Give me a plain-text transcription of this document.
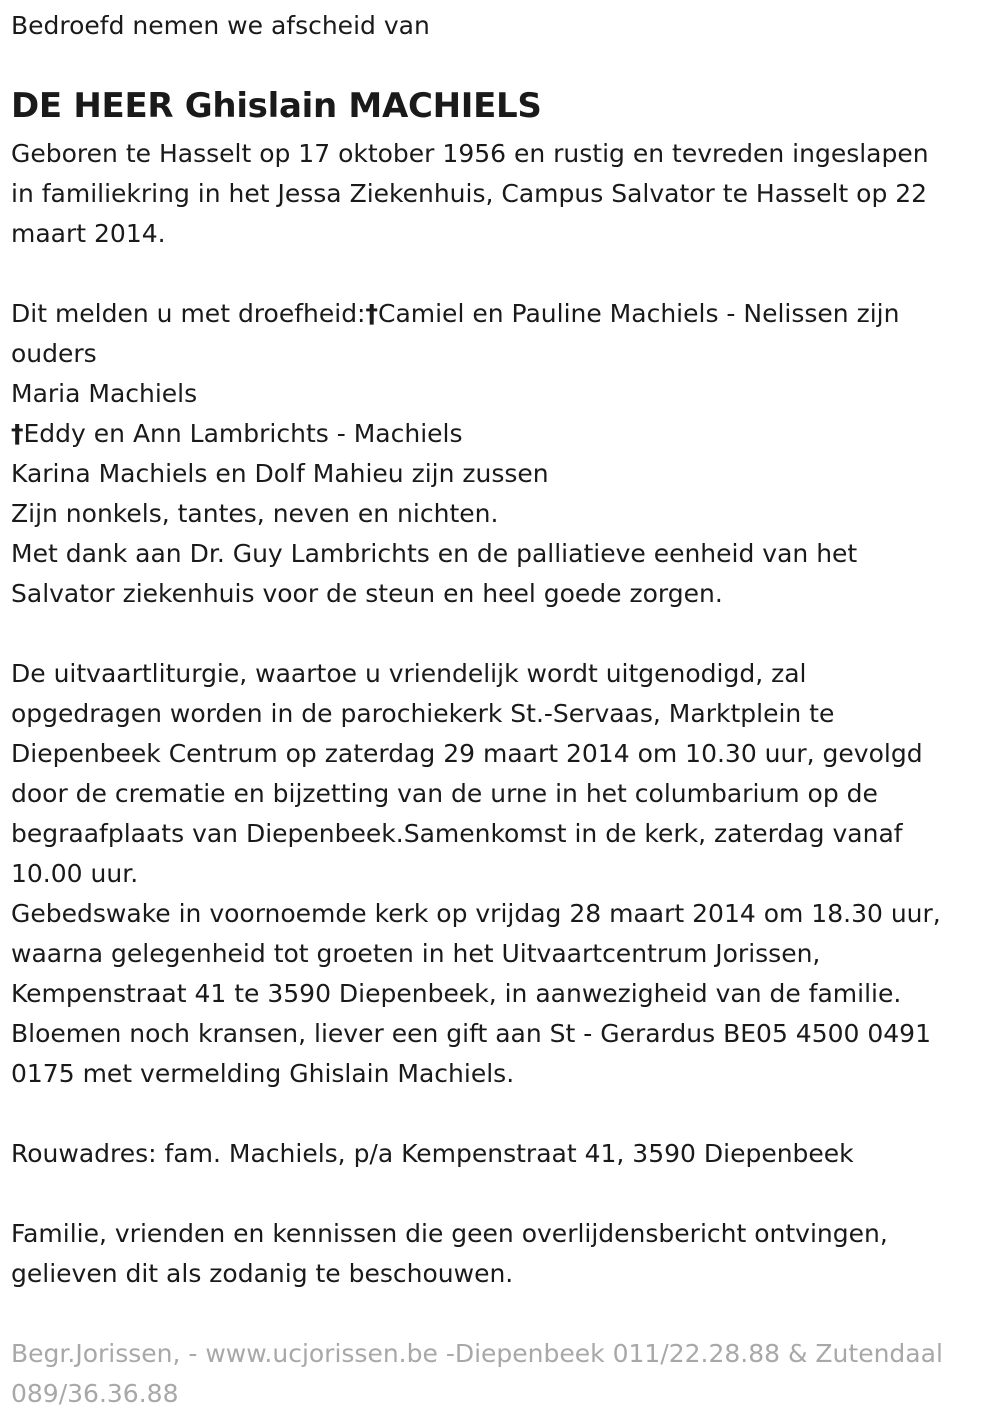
Bedroefd nemen we afscheid van
DE HEER Ghislain MACHIELS
Geboren te Hasselt op 17 oktober 1956 en rustig en tevreden ingeslapen
in familiekring in het Jessa Ziekenhuis, Campus Salvator te Hasselt op 22
maart 2014.
Dit melden u met droefheid:†Camiel en Pauline Machiels - Nelissen zijn
ouders
Maria Machiels
†Eddy en Ann Lambrichts - Machiels
Karina Machiels en Dolf Mahieu zijn zussen
Zijn nonkels, tantes, neven en nichten.
Met dank aan Dr. Guy Lambrichts en de palliatieve eenheid van het
Salvator ziekenhuis voor de steun en heel goede zorgen.
De uitvaartliturgie, waartoe u vriendelijk wordt uitgenodigd, zal
opgedragen worden in de parochiekerk St.-Servaas, Marktplein te
Diepenbeek Centrum op zaterdag 29 maart 2014 om 10.30 uur, gevolgd
door de crematie en bijzetting van de urne in het columbarium op de
begraafplaats van Diepenbeek.Samenkomst in de kerk, zaterdag vanaf
10.00 uur.
Gebedswake in voornoemde kerk op vrijdag 28 maart 2014 om 18.30 uur,
waarna gelegenheid tot groeten in het Uitvaartcentrum Jorissen,
Kempenstraat 41 te 3590 Diepenbeek, in aanwezigheid van de familie.
Bloemen noch kransen, liever een gift aan St - Gerardus BE05 4500 0491
0175 met vermelding Ghislain Machiels.
Rouwadres: fam. Machiels, p/a Kempenstraat 41, 3590 Diepenbeek
Familie, vrienden en kennissen die geen overlijdensbericht ontvingen,
gelieven dit als zodanig te beschouwen.
Begr.Jorissen, - www.ucjorissen.be -Diepenbeek 011/22.28.88 & Zutendaal
089/36.36.88
